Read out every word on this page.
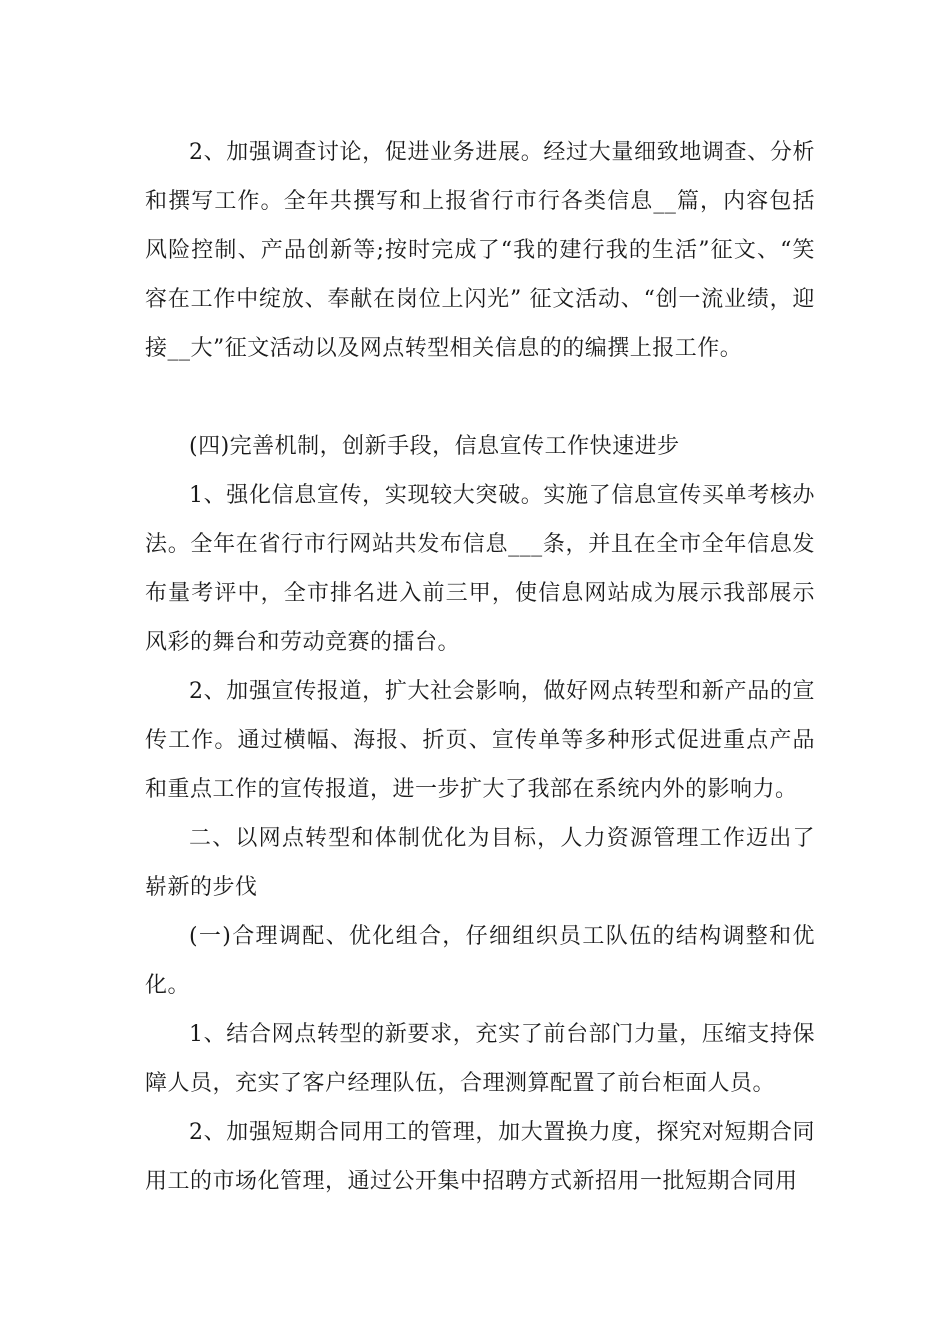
2、加强调查讨论，促进业务进展。经过大量细致地调查、分析和撰写工作。全年共撰写和上报省行市行各类信息__篇，内容包括风险控制、产品创新等;按时完成了“我的建行我的生活”征文、“笑容在工作中绽放、奉献在岗位上闪光” 征文活动、“创一流业绩，迎接__大”征文活动以及网点转型相关信息的的编撰上报工作。

(四)完善机制，创新手段，信息宣传工作快速进步

1、强化信息宣传，实现较大突破。实施了信息宣传买单考核办法。全年在省行市行网站共发布信息___条，并且在全市全年信息发布量考评中，全市排名进入前三甲，使信息网站成为展示我部展示风彩的舞台和劳动竞赛的擂台。

2、加强宣传报道，扩大社会影响，做好网点转型和新产品的宣传工作。通过横幅、海报、折页、宣传单等多种形式促进重点产品和重点工作的宣传报道，进一步扩大了我部在系统内外的影响力。

二、以网点转型和体制优化为目标，人力资源管理工作迈出了崭新的步伐

(一)合理调配、优化组合，仔细组织员工队伍的结构调整和优化。

1、结合网点转型的新要求，充实了前台部门力量，压缩支持保障人员，充实了客户经理队伍，合理测算配置了前台柜面人员。

2、加强短期合同用工的管理，加大置换力度，探究对短期合同用工的市场化管理，通过公开集中招聘方式新招用一批短期合同用
